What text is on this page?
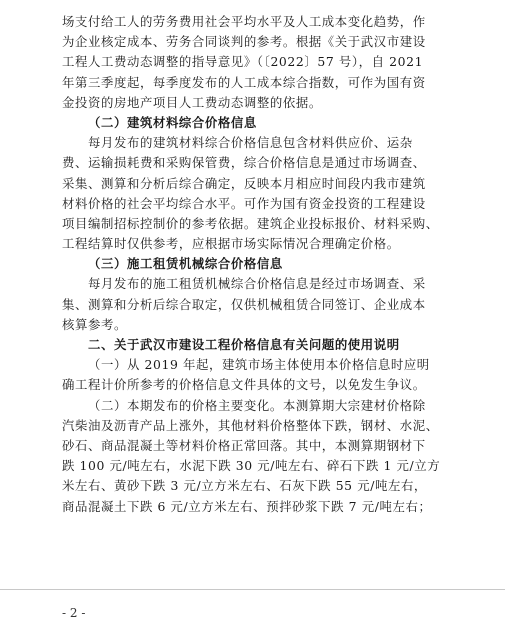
场支付给工人的劳务费用社会平均水平及人工成本变化趋势，作
为企业核定成本、劳务合同谈判的参考。根据《关于武汉市建设
工程人工费动态调整的指导意见》（〔2022〕57 号），自 2021
年第三季度起，每季度发布的人工成本综合指数，可作为国有资
金投资的房地产项目人工费动态调整的依据。
（二）建筑材料综合价格信息
每月发布的建筑材料综合价格信息包含材料供应价、运杂
费、运输损耗费和采购保管费，综合价格信息是通过市场调查、
采集、测算和分析后综合确定，反映本月相应时间段内我市建筑
材料价格的社会平均综合水平。可作为国有资金投资的工程建设
项目编制招标控制价的参考依据。建筑企业投标报价、材料采购、
工程结算时仅供参考，应根据市场实际情况合理确定价格。
（三）施工租赁机械综合价格信息
每月发布的施工租赁机械综合价格信息是经过市场调查、采
集、测算和分析后综合取定，仅供机械租赁合同签订、企业成本
核算参考。
二、关于武汉市建设工程价格信息有关问题的使用说明
（一）从 2019 年起，建筑市场主体使用本价格信息时应明
确工程计价所参考的价格信息文件具体的文号，以免发生争议。
（二）本期发布的价格主要变化。本测算期大宗建材价格除
汽柴油及沥青产品上涨外，其他材料价格整体下跌，钢材、水泥、
砂石、商品混凝土等材料价格正常回落。其中，本测算期钢材下
跌 100 元/吨左右，水泥下跌 30 元/吨左右、碎石下跌 1 元/立方
米左右、黄砂下跌 3 元/立方米左右、石灰下跌 55 元/吨左右，
商品混凝土下跌 6 元/立方米左右、预拌砂浆下跌 7 元/吨左右；
- 2 -
